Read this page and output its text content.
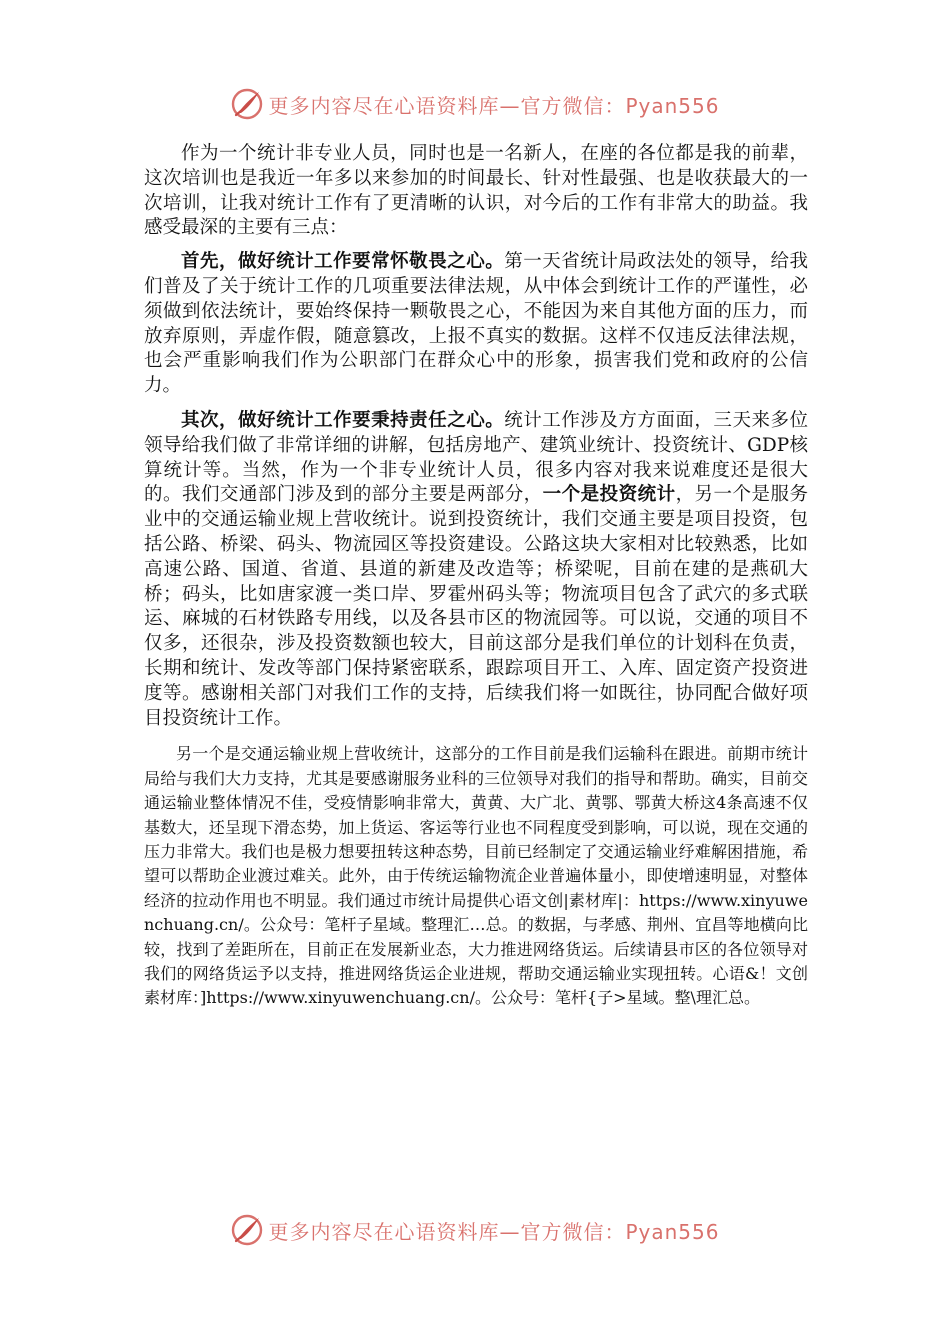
更多内容尽在心语资料库—官方微信：Pyan556

作为一个统计非专业人员，同时也是一名新人，在座的各位都是我的前辈，这次培训也是我近一年多以来参加的时间最长、针对性最强、也是收获最大的一次培训，让我对统计工作有了更清晰的认识，对今后的工作有非常大的助益。我感受最深的主要有三点：

首先，做好统计工作要常怀敬畏之心。第一天省统计局政法处的领导，给我们普及了关于统计工作的几项重要法律法规，从中体会到统计工作的严谨性，必须做到依法统计，要始终保持一颗敬畏之心，不能因为来自其他方面的压力，而放弃原则，弄虚作假，随意篡改，上报不真实的数据。这样不仅违反法律法规，也会严重影响我们作为公职部门在群众心中的形象，损害我们党和政府的公信力。

其次，做好统计工作要秉持责任之心。统计工作涉及方方面面，三天来多位领导给我们做了非常详细的讲解，包括房地产、建筑业统计、投资统计、GDP核算统计等。当然，作为一个非专业统计人员，很多内容对我来说难度还是很大的。我们交通部门涉及到的部分主要是两部分，一个是投资统计，另一个是服务业中的交通运输业规上营收统计。说到投资统计，我们交通主要是项目投资，包括公路、桥梁、码头、物流园区等投资建设。公路这块大家相对比较熟悉，比如高速公路、国道、省道、县道的新建及改造等；桥梁呢，目前在建的是燕矶大桥；码头，比如唐家渡一类口岸、罗霍州码头等；物流项目包含了武穴的多式联运、麻城的石材铁路专用线，以及各县市区的物流园等。可以说，交通的项目不仅多，还很杂，涉及投资数额也较大，目前这部分是我们单位的计划科在负责，长期和统计、发改等部门保持紧密联系，跟踪项目开工、入库、固定资产投资进度等。感谢相关部门对我们工作的支持，后续我们将一如既往，协同配合做好项目投资统计工作。

另一个是交通运输业规上营收统计，这部分的工作目前是我们运输科在跟进。前期市统计局给与我们大力支持，尤其是要感谢服务业科的三位领导对我们的指导和帮助。确实，目前交通运输业整体情况不佳，受疫情影响非常大，黄黄、大广北、黄鄂、鄂黄大桥这4条高速不仅基数大，还呈现下滑态势，加上货运、客运等行业也不同程度受到影响，可以说，现在交通的压力非常大。我们也是极力想要扭转这种态势，目前已经制定了交通运输业纾难解困措施，希望可以帮助企业渡过难关。此外，由于传统运输物流企业普遍体量小，即使增速明显，对整体经济的拉动作用也不明显。我们通过市统计局提供心语文创|素材库|：https://www.xinyuwenchuang.cn/。公众号：笔杆子星域。整理汇…总。的数据，与孝感、荆州、宜昌等地横向比较，找到了差距所在，目前正在发展新业态，大力推进网络货运。后续请县市区的各位领导对我们的网络货运予以支持，推进网络货运企业进规，帮助交通运输业实现扭转。心语&！文创素材库：]https://www.xinyuwenchuang.cn/。公众号：笔杆{子>星域。整\理汇总。

更多内容尽在心语资料库—官方微信：Pyan556
